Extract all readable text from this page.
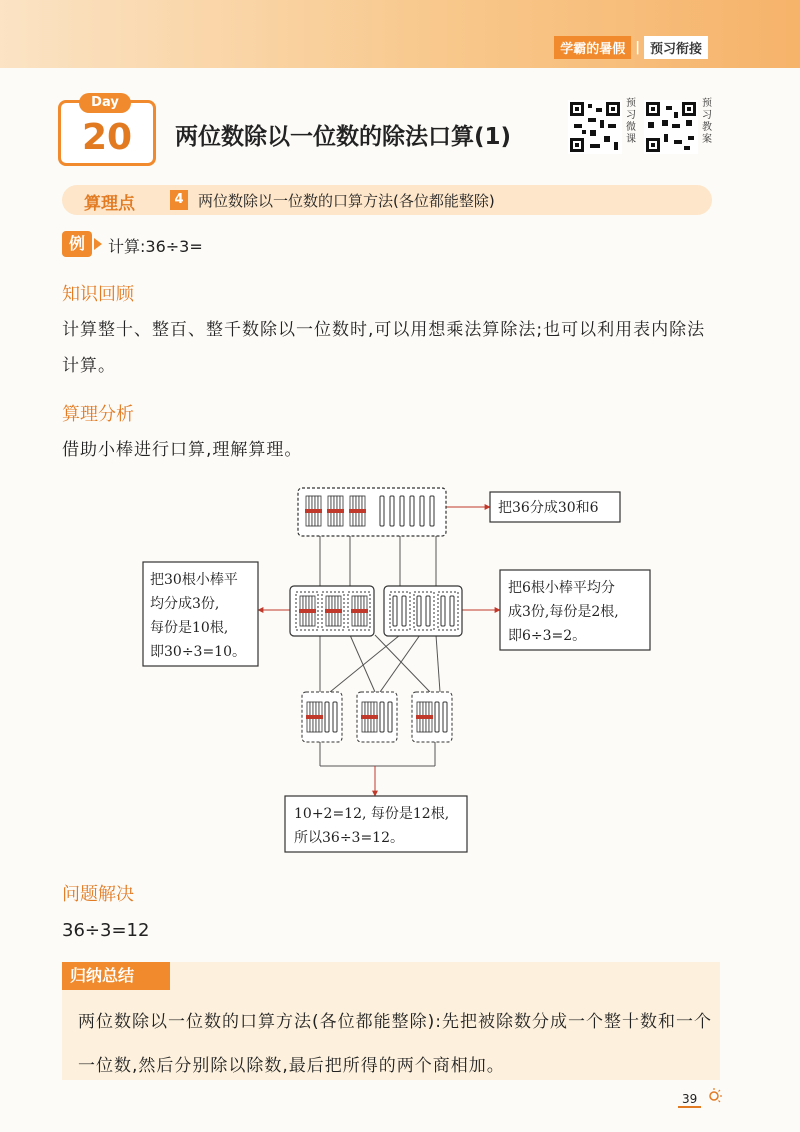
学霸的暑假 | 预习衔接
Day
20	两位数除以一位数的除法口算(1)
预习微课
预习教案
算理点	4 两位数除以一位数的口算方法(各位都能整除)
例	计算:36÷3=
知识回顾
计算整十、整百、整千数除以一位数时,可以用想乘法算除法;也可以利用表内除法计算。
算理分析
借助小棒进行口算,理解算理。
把36分成30和6
把30根小棒平
均分成3份,
每份是10根,
即30÷3=10。
把6根小棒平均分
成3份,每份是2根,
即6÷3=2。
10+2=12, 每份是12根,
所以36÷3=12。
问题解决
36÷3=12
归纳总结
两位数除以一位数的口算方法(各位都能整除):先把被除数分成一个整十数和一个一位数,然后分别除以除数,最后把所得的两个商相加。
39
